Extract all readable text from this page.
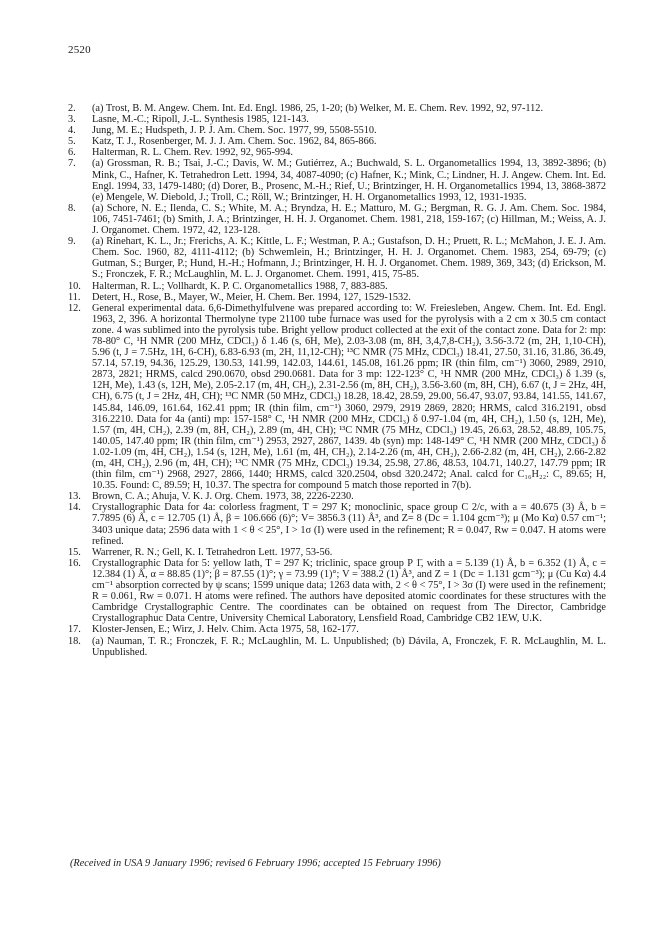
2520
2.	(a) Trost, B. M. Angew. Chem. Int. Ed. Engl. 1986, 25, 1-20; (b) Welker, M. E. Chem. Rev. 1992, 92, 97-112.
3.	Lasne, M.-C.; Ripoll, J.-L. Synthesis 1985, 121-143.
4.	Jung, M. E.; Hudspeth, J. P. J. Am. Chem. Soc. 1977, 99, 5508-5510.
5.	Katz, T. J., Rosenberger, M. J. J. Am. Chem. Soc. 1962, 84, 865-866.
6.	Halterman, R. L. Chem. Rev. 1992, 92, 965-994.
7.	(a) Grossman, R. B.; Tsai, J.-C.; Davis, W. M.; Gutiérrez, A.; Buchwald, S. L. Organometallics 1994, 13, 3892-3896; (b) Mink, C., Hafner, K. Tetrahedron Lett. 1994, 34, 4087-4090; (c) Hafner, K.; Mink, C.; Lindner, H. J. Angew. Chem. Int. Ed. Engl. 1994, 33, 1479-1480; (d) Dorer, B., Prosenc, M.-H.; Rief, U.; Brintzinger, H. H. Organometallics 1994, 13, 3868-3872 (e) Mengele, W. Diebold, J.; Troll, C.; Röll, W.; Brintzinger, H. H. Organometallics 1993, 12, 1931-1935.
8.	(a) Schore, N. E.; Ilenda, C. S.; White, M. A.; Bryndza, H. E.; Matturo, M. G.; Bergman, R. G. J. Am. Chem. Soc. 1984, 106, 7451-7461; (b) Smith, J. A.; Brintzinger, H. H. J. Organomet. Chem. 1981, 218, 159-167; (c) Hillman, M.; Weiss, A. J. J. Organomet. Chem. 1972, 42, 123-128.
9.	(a) Rinehart, K. L., Jr.; Frerichs, A. K.; Kittle, L. F.; Westman, P. A.; Gustafson, D. H.; Pruett, R. L.; McMahon, J. E. J. Am. Chem. Soc. 1960, 82, 4111-4112; (b) Schwemlein, H.; Brintzinger, H. H. J. Organomet. Chem. 1983, 254, 69-79; (c) Gutman, S.; Burger, P.; Hund, H.-H.; Hofmann, J.; Brintzinger, H. H. J. Organomet. Chem. 1989, 369, 343; (d) Erickson, M. S.; Fronczek, F. R.; McLaughlin, M. L. J. Organomet. Chem. 1991, 415, 75-85.
10.	Halterman, R. L.; Vollhardt, K. P. C. Organometallics 1988, 7, 883-885.
11.	Detert, H., Rose, B., Mayer, W., Meier, H. Chem. Ber. 1994, 127, 1529-1532.
12.	General experimental data. 6,6-Dimethylfulvene was prepared according to: W. Freiesleben, Angew. Chem. Int. Ed. Engl. 1963, 2, 396. A horizontal Thermolyne type 21100 tube furnace was used for the pyrolysis with a 2 cm x 30.5 cm contact zone. 4 was sublimed into the pyrolysis tube. Bright yellow product collected at the exit of the contact zone. Data for 2: mp: 78-80° C, ¹H NMR (200 MHz, CDCl₃) δ 1.46 (s, 6H, Me), 2.03-3.08 (m, 8H, 3,4,7,8-CH₂), 3.56-3.72 (m, 2H, 1,10-CH), 5.96 (t, J = 7.5Hz, 1H, 6-CH), 6.83-6.93 (m, 2H, 11,12-CH); ¹³C NMR (75 MHz, CDCl₃) 18.41, 27.50, 31.16, 31.86, 36.49, 57.14, 57.19, 94.36, 125.29, 130.53, 141.99, 142.03, 144.61, 145.08, 161.26 ppm; IR (thin film, cm⁻¹) 3060, 2989, 2910, 2873, 2821; HRMS, calcd 290.0670, obsd 290.0681. Data for 3 mp: 122-123° C, ¹H NMR (200 MHz, CDCl₃) δ 1.39 (s, 12H, Me), 1.43 (s, 12H, Me), 2.05-2.17 (m, 4H, CH₂), 2.31-2.56 (m, 8H, CH₂), 3.56-3.60 (m, 8H, CH), 6.67 (t, J = 2Hz, 4H, CH), 6.75 (t, J = 2Hz, 4H, CH); ¹³C NMR (50 MHz, CDCl₃) 18.28, 18.42, 28.59, 29.00, 56.47, 93.07, 93.84, 141.55, 141.67, 145.84, 146.09, 161.64, 162.41 ppm; IR (thin film, cm⁻¹) 3060, 2979, 2919 2869, 2820; HRMS, calcd 316.2191, obsd 316.2210. Data for 4a (anti) mp: 157-158° C, ¹H NMR (200 MHz, CDCl₃) δ 0.97-1.04 (m, 4H, CH₂), 1.50 (s, 12H, Me), 1.57 (m, 4H, CH₂), 2.39 (m, 8H, CH₂), 2.89 (m, 4H, CH); ¹³C NMR (75 MHz, CDCl₃) 19.45, 26.63, 28.52, 48.89, 105.75, 140.05, 147.40 ppm; IR (thin film, cm⁻¹) 2953, 2927, 2867, 1439. 4b (syn) mp: 148-149° C, ¹H NMR (200 MHz, CDCl₃) δ 1.02-1.09 (m, 4H, CH₂), 1.54 (s, 12H, Me), 1.61 (m, 4H, CH₂), 2.14-2.26 (m, 4H, CH₂), 2.66-2.82 (m, 4H, CH₂), 2.66-2.82 (m, 4H, CH₂), 2.96 (m, 4H, CH); ¹³C NMR (75 MHz, CDCl₃) 19.34, 25.98, 27.86, 48.53, 104.71, 140.27, 147.79 ppm; IR (thin film, cm⁻¹) 2968, 2927, 2866, 1440; HRMS, calcd 320.2504, obsd 320.2472; Anal. calcd for C₁₆H₂₂: C, 89.65; H, 10.35. Found: C, 89.59; H, 10.37. The spectra for compound 5 match those reported in 7(b).
13.	Brown, C. A.; Ahuja, V. K. J. Org. Chem. 1973, 38, 2226-2230.
14.	Crystallographic Data for 4a: colorless fragment, T = 297 K; monoclinic, space group C 2/c, with a = 40.675 (3) Å, b = 7.7895 (6) Å, c = 12.705 (1) Å, β = 106.666 (6)°; V= 3856.3 (11) Å³, and Z= 8 (Dc = 1.104 gcm⁻³); μ (Mo Kα) 0.57 cm⁻¹; 3403 unique data; 2596 data with 1 < θ < 25°, I > 1σ (I) were used in the refinement; R = 0.047, Rw = 0.047. H atoms were refined.
15.	Warrener, R. N.; Gell, K. I. Tetrahedron Lett. 1977, 53-56.
16.	Crystallographic Data for 5: yellow lath, T = 297 K; triclinic, space group P 1̄, with a = 5.139 (1) Å, b = 6.352 (1) Å, c = 12.384 (1) Å, α = 88.85 (1)°; β = 87.55 (1)°; γ = 73.99 (1)°; V = 388.2 (1) Å³, and Z = 1 (Dc = 1.131 gcm⁻³); μ (Cu Kα) 4.4 cm⁻¹ absorption corrected by ψ scans; 1599 unique data; 1263 data with, 2 < θ < 75°, I > 3σ (I) were used in the refinement; R = 0.061, Rw = 0.071. H atoms were refined. The authors have deposited atomic coordinates for these structures with the Cambridge Crystallographic Centre. The coordinates can be obtained on request from The Director, Cambridge Crystallographuc Data Centre, University Chemical Laboratory, Lensfield Road, Cambridge CB2 1EW, U.K.
17.	Kloster-Jensen, E.; Wirz, J. Helv. Chim. Acta 1975, 58, 162-177.
18.	(a) Nauman, T. R.; Fronczek, F. R.; McLaughlin, M. L. Unpublished; (b) Dávila, A, Fronczek, F. R. McLaughlin, M. L. Unpublished.
(Received in USA 9 January 1996; revised 6 February 1996; accepted 15 February 1996)
